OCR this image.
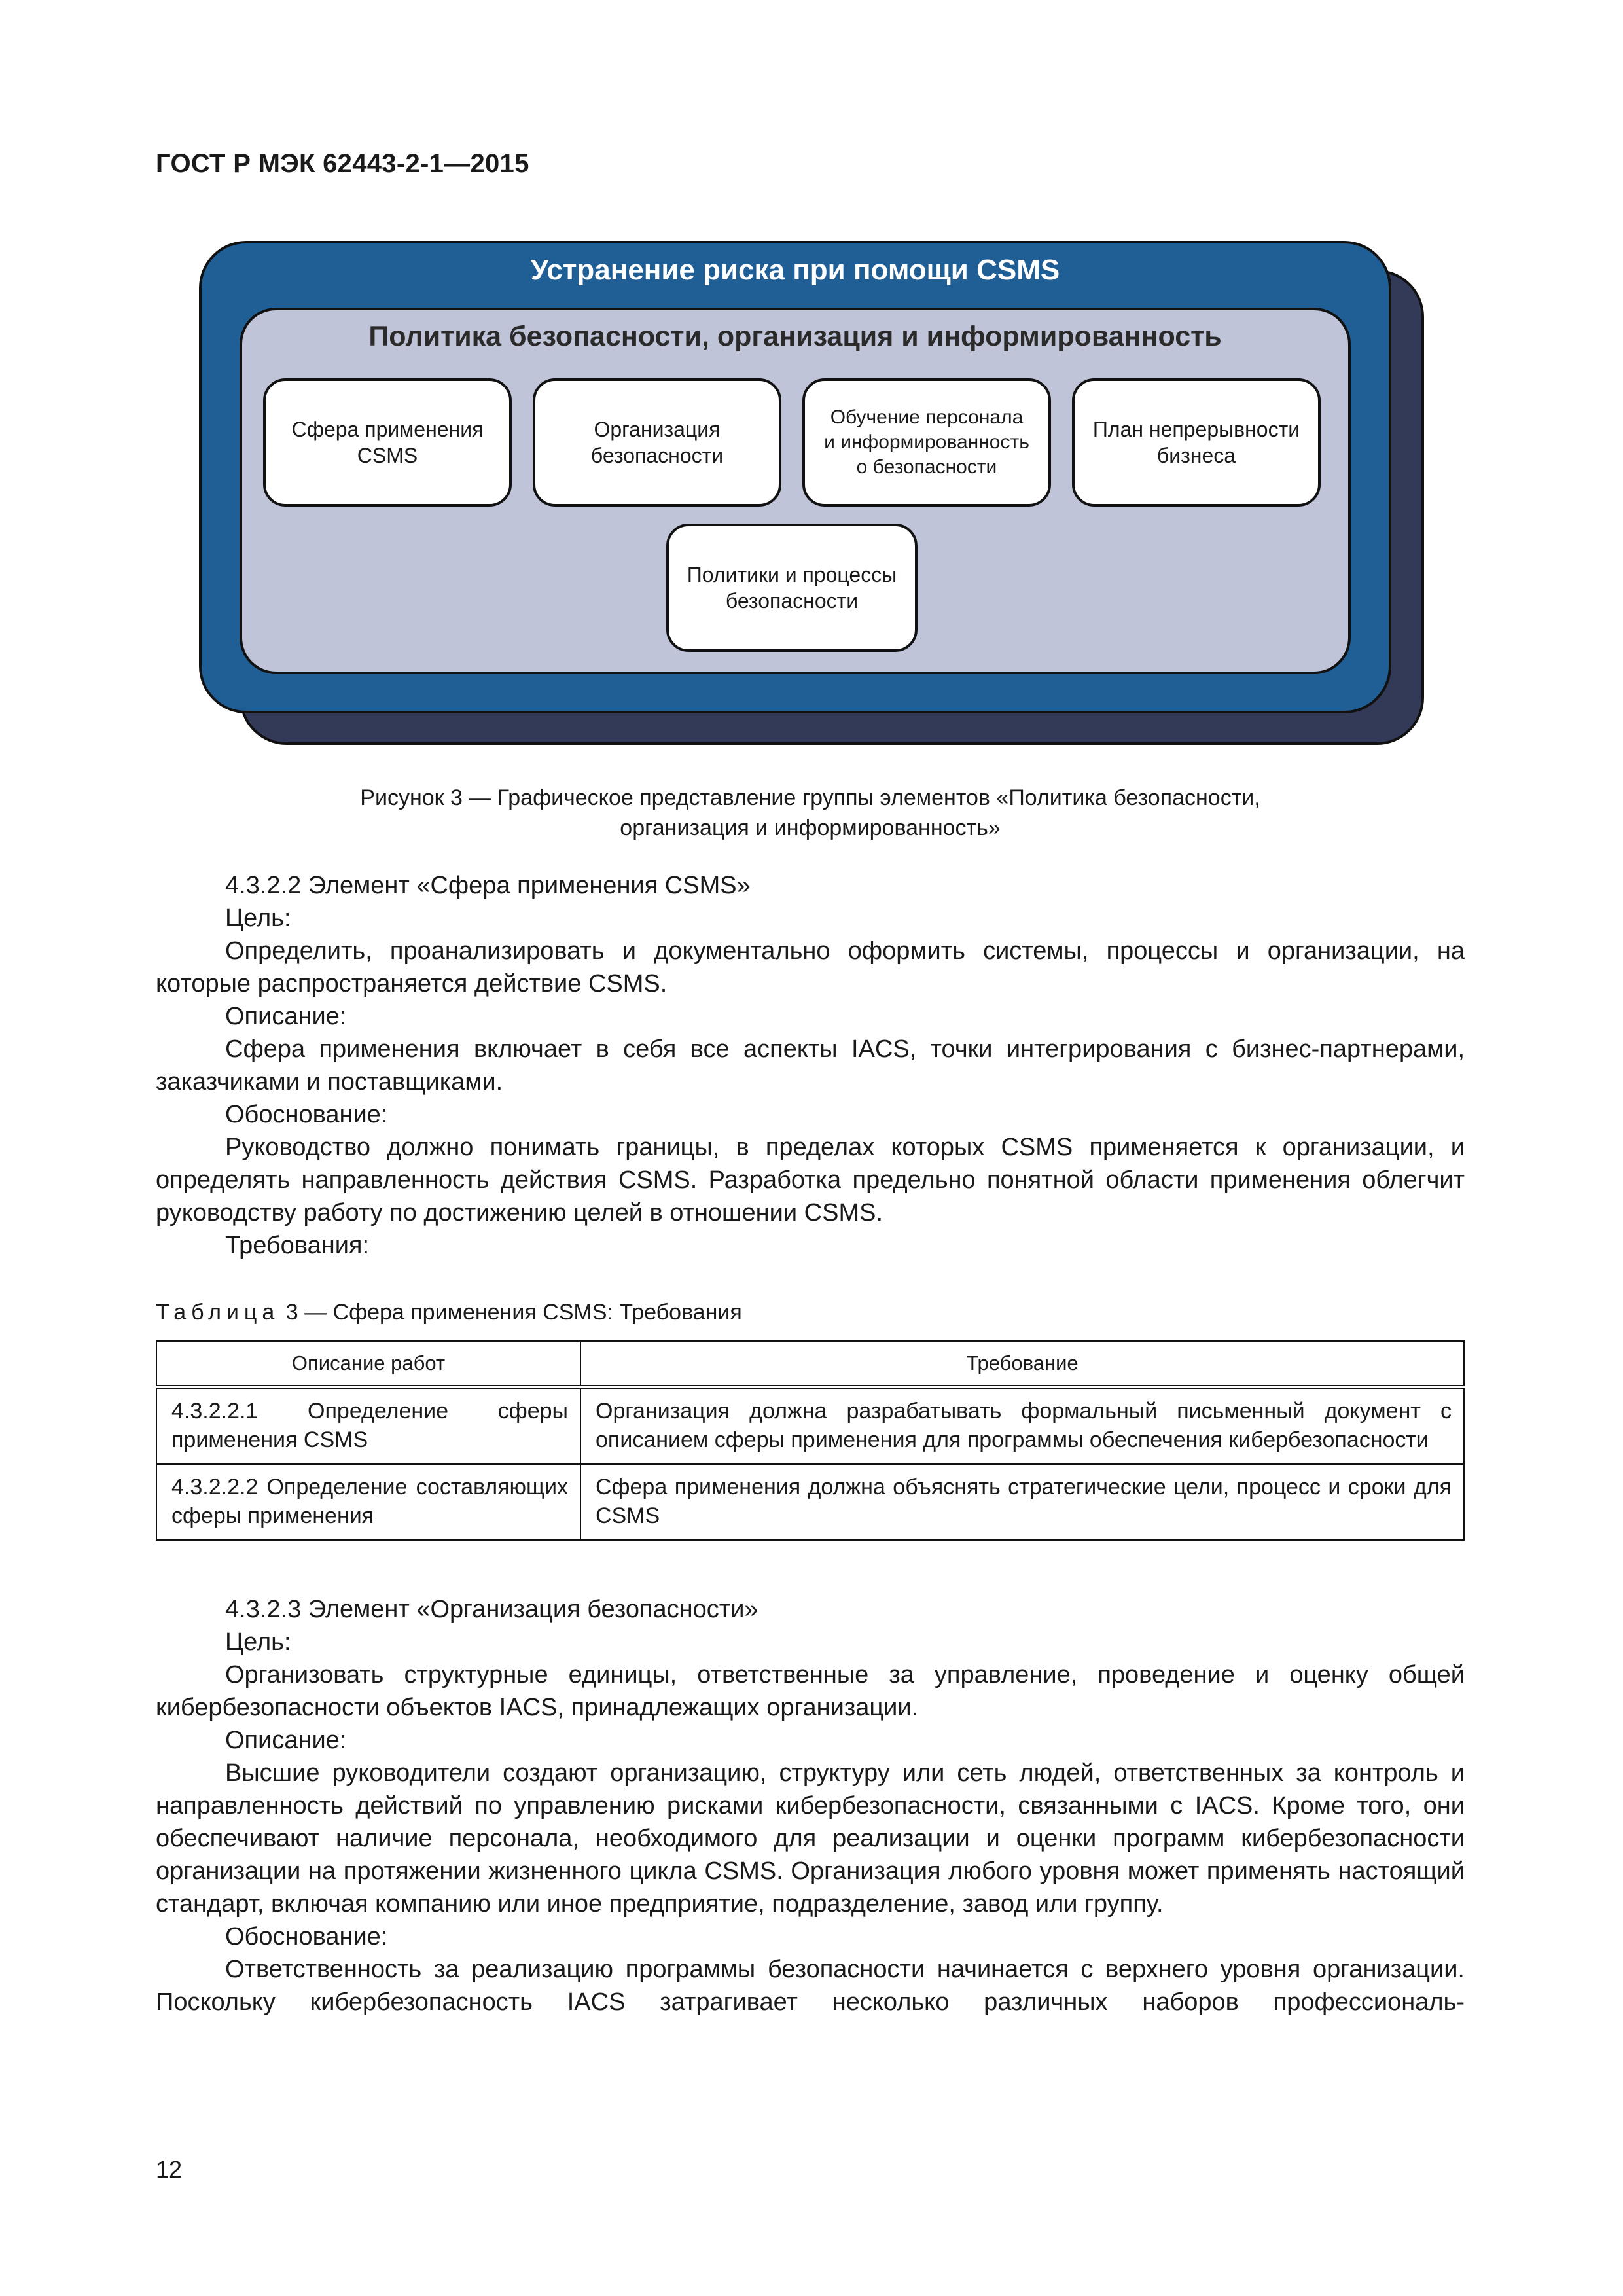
ГОСТ Р МЭК 62443-2-1—2015
Устранение риска при помощи CSMS
Политика безопасности, организация и информированность
Сфера применения
CSMS
Организация
безопасности
Обучение персонала
и информированность
о безопасности
План непрерывности
бизнеса
Политики и процессы
безопасности
Рисунок 3 — Графическое представление группы элементов «Политика безопасности,
организация и информированность»
4.3.2.2 Элемент «Сфера применения CSMS»
Цель:
Определить, проанализировать и документально оформить системы, процессы и организации, на которые распространяется действие CSMS.
Описание:
Сфера применения включает в себя все аспекты IACS, точки интегрирования с бизнес-партнерами, заказчиками и поставщиками.
Обоснование:
Руководство должно понимать границы, в пределах которых CSMS применяется к организации, и определять направленность действия CSMS. Разработка предельно понятной области применения облегчит руководству работу по достижению целей в отношении CSMS.
Требования:
Таблица 3 — Сфера применения CSMS: Требования
Описание работ	Требование
4.3.2.2.1 Определение сферы применения CSMS	Организация должна разрабатывать формальный письменный документ с описанием сферы применения для программы обеспечения кибербезопасности
4.3.2.2.2 Определение составляющих сферы применения	Сфера применения должна объяснять стратегические цели, процесс и сроки для CSMS
4.3.2.3 Элемент «Организация безопасности»
Цель:
Организовать структурные единицы, ответственные за управление, проведение и оценку общей кибербезопасности объектов IACS, принадлежащих организации.
Описание:
Высшие руководители создают организацию, структуру или сеть людей, ответственных за контроль и направленность действий по управлению рисками кибербезопасности, связанными с IACS. Кроме того, они обеспечивают наличие персонала, необходимого для реализации и оценки программ кибербезопасности организации на протяжении жизненного цикла CSMS. Организация любого уровня может применять настоящий стандарт, включая компанию или иное предприятие, подразделение, завод или группу.
Обоснование:
Ответственность за реализацию программы безопасности начинается с верхнего уровня организации. Поскольку кибербезопасность IACS затрагивает несколько различных наборов профессиональ-
12
